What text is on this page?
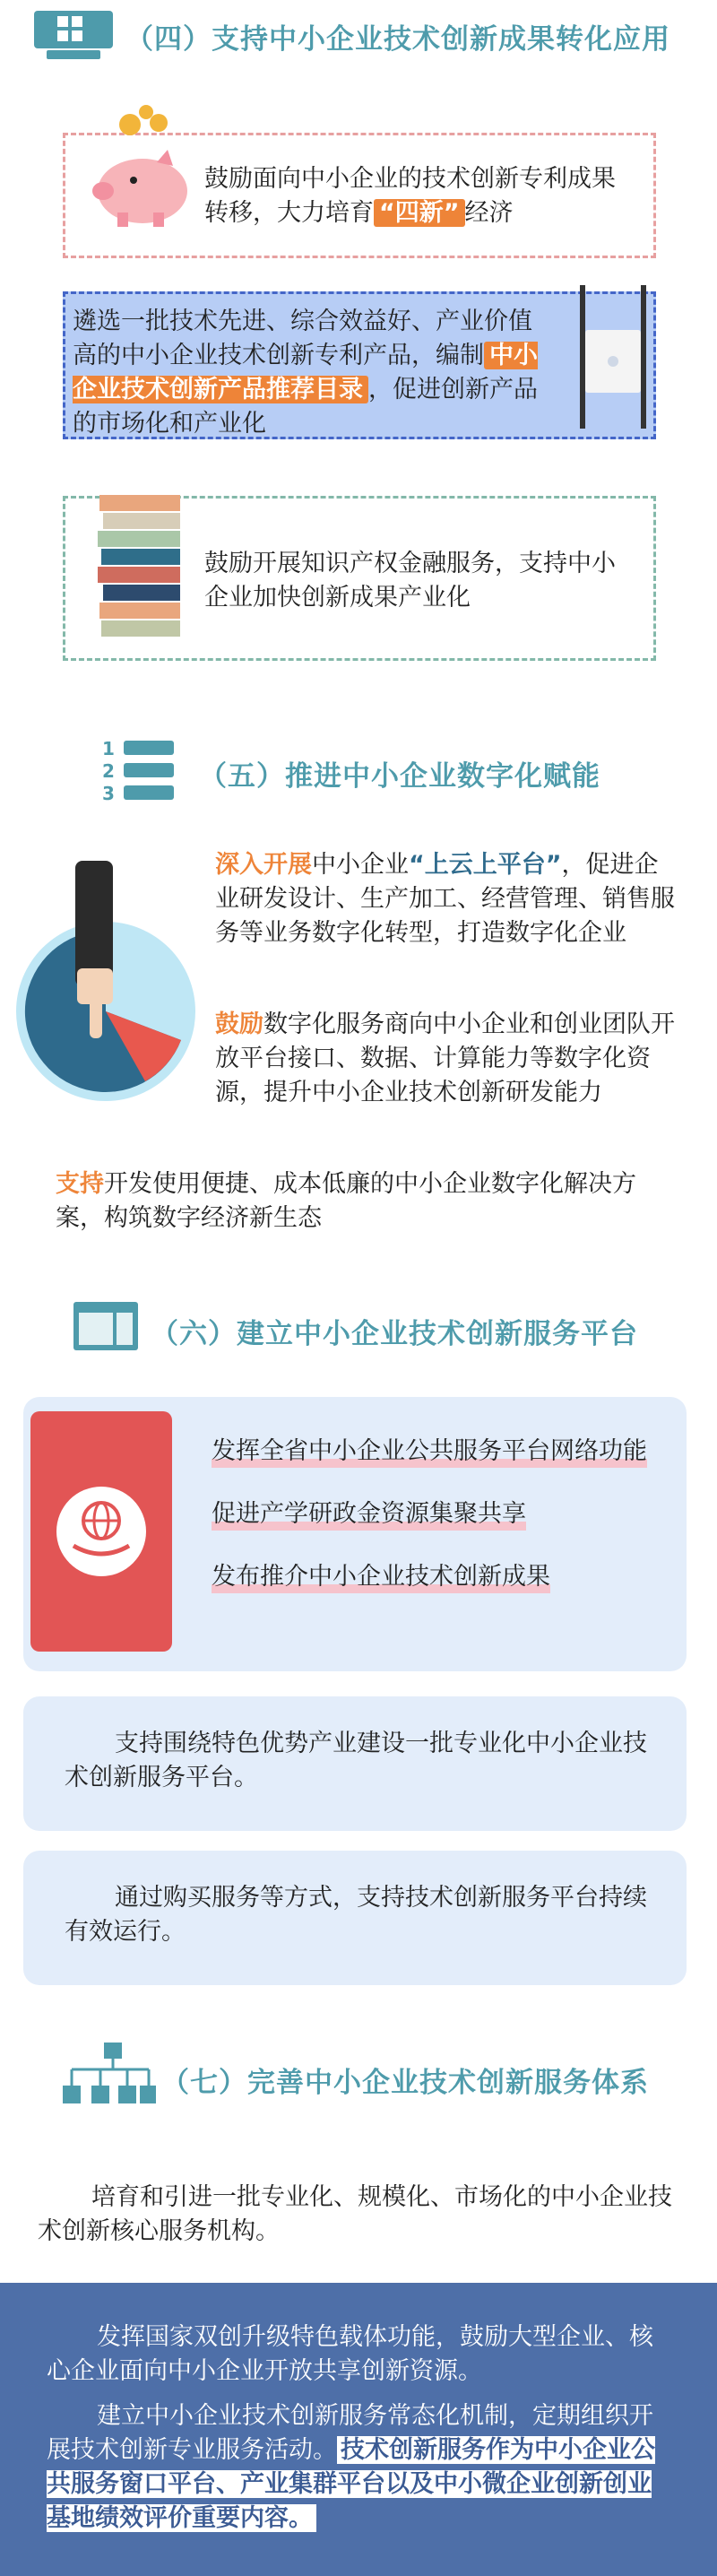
（四）支持中小企业技术创新成果转化应用
鼓励面向中小企业的技术创新专利成果转移，大力培育 “四新” 经济
遴选一批技术先进、综合效益好、产业价值高的中小企业技术创新专利产品，编制 中小企业技术创新产品推荐目录 ，促进创新产品的市场化和产业化
鼓励开展知识产权金融服务，支持中小企业加快创新成果产业化
1
2
3
（五）推进中小企业数字化赋能
深入开展中小企业“上云上平台”，促进企业研发设计、生产加工、经营管理、销售服务等业务数字化转型，打造数字化企业
鼓励数字化服务商向中小企业和创业团队开放平台接口、数据、计算能力等数字化资源，提升中小企业技术创新研发能力
支持开发使用便捷、成本低廉的中小企业数字化解决方案，构筑数字经济新生态
（六）建立中小企业技术创新服务平台
发挥全省中小企业公共服务平台网络功能
促进产学研政金资源集聚共享
发布推介中小企业技术创新成果
支持围绕特色优势产业建设一批专业化中小企业技术创新服务平台。
通过购买服务等方式，支持技术创新服务平台持续有效运行。
（七）完善中小企业技术创新服务体系
培育和引进一批专业化、规模化、市场化的中小企业技术创新核心服务机构。
发挥国家双创升级特色载体功能，鼓励大型企业、核心企业面向中小企业开放共享创新资源。
建立中小企业技术创新服务常态化机制，定期组织开展技术创新专业服务活动。 技术创新服务作为中小企业公共服务窗口平台、产业集群平台以及中小微企业创新创业基地绩效评价重要内容。
